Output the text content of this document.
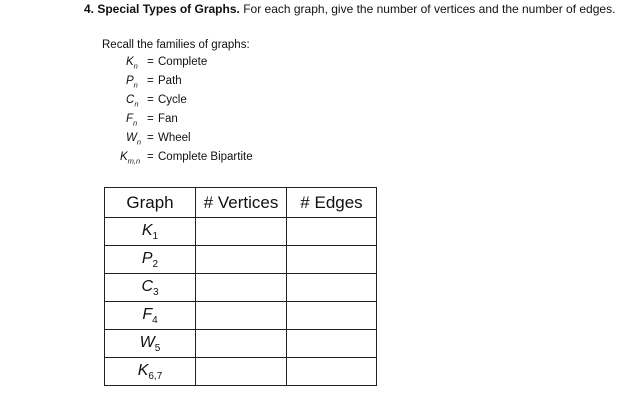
4. Special Types of Graphs. For each graph, give the number of vertices and the number of edges.
Recall the families of graphs:
$K_n$ = Complete
$P_n$ = Path
$C_n$ = Cycle
$F_n$ = Fan
$W_n$ = Wheel
$K_{m,n}$ = Complete Bipartite
Graph	# Vertices	# Edges
$K_1$		
$P_2$		
$C_3$		
$F_4$		
$W_5$		
$K_{6,7}$		
